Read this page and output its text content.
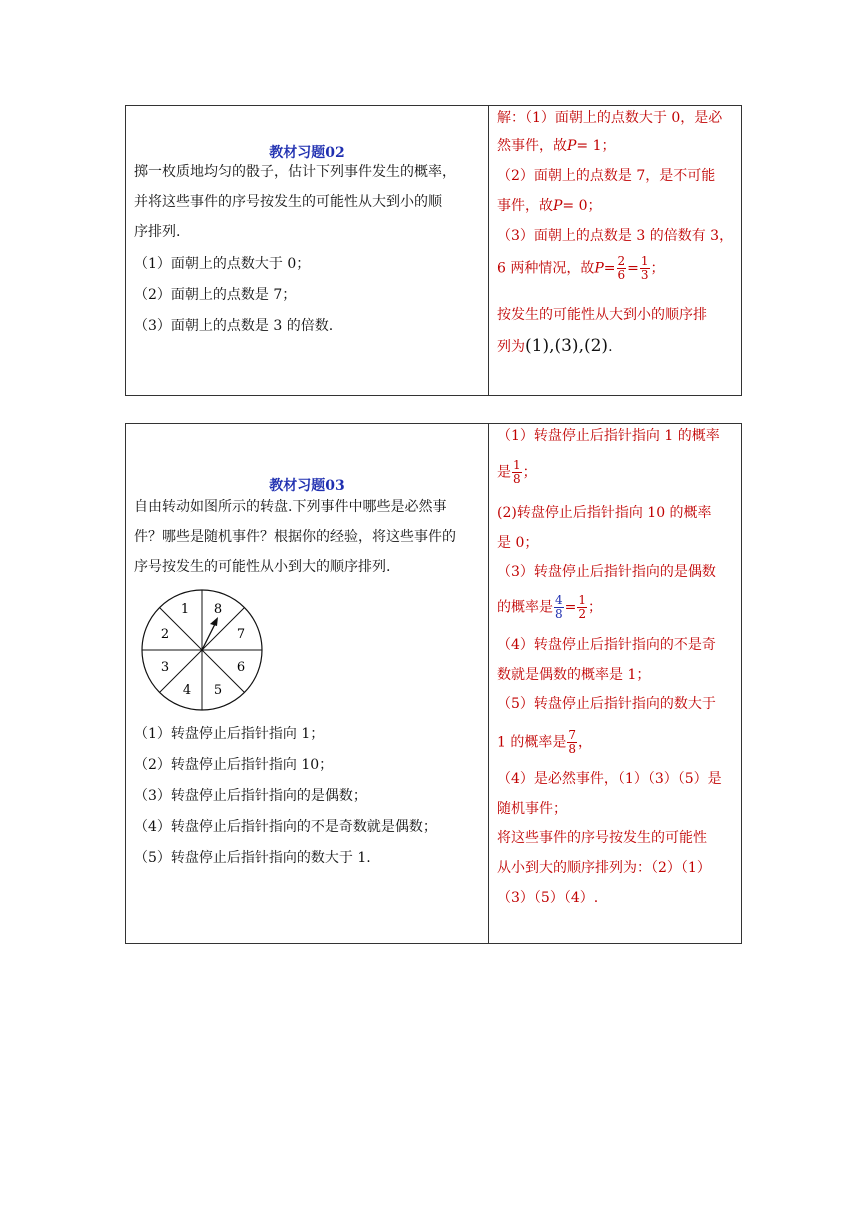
教材习题02
掷一枚质地均匀的骰子，估计下列事件发生的概率，
并将这些事件的序号按发生的可能性从大到小的顺
序排列.
（1）面朝上的点数大于 0；
（2）面朝上的点数是 7；
（3）面朝上的点数是 3 的倍数.
解：（1）面朝上的点数大于 0，是必
然事件，故P= 1；
（2）面朝上的点数是 7，是不可能
事件，故P= 0；
（3）面朝上的点数是 3 的倍数有 3，
6 两种情况，故$P= \frac{2}{6} = \frac{1}{3}$ ；
按发生的可能性从大到小的顺序排
列为(1),(3),(2).
教材习题03
自由转动如图所示的转盘.下列事件中哪些是必然事
件？哪些是随机事件？根据你的经验，将这些事件的
序号按发生的可能性从小到大的顺序排列.
1 8
7
6
5
4
3
2
（1）转盘停止后指针指向 1；
（2）转盘停止后指针指向 10；
（3）转盘停止后指针指向的是偶数；
（4）转盘停止后指针指向的不是奇数就是偶数；
（5）转盘停止后指针指向的数大于 1.
（1）转盘停止后指针指向 1 的概率
是 $\frac{1}{8}$ ；
(2)转盘停止后指针指向 10 的概率
是 0；
（3）转盘停止后指针指向的是偶数
的概率是 $\frac{4}{8} = \frac{1}{2}$ ；
（4）转盘停止后指针指向的不是奇
数就是偶数的概率是 1；
（5）转盘停止后指针指向的数大于
1 的概率是 $\frac{7}{8}$ ，
（4）是必然事件，（1）（3）（5）是
随机事件；
将这些事件的序号按发生的可能性
从小到大的顺序排列为：（2）（1）
（3）（5）（4）.
